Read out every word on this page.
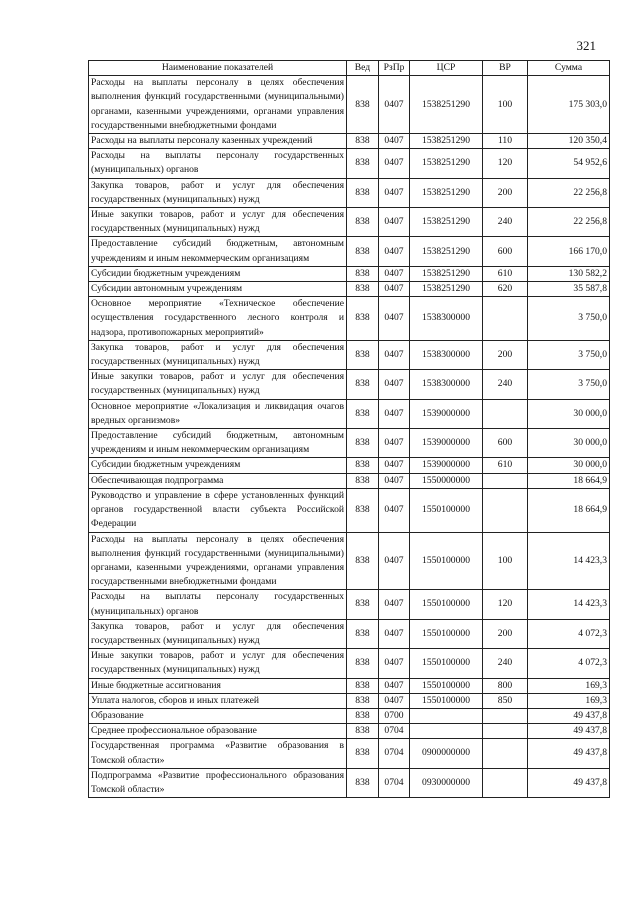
321
Наименование показателей	Вед	РзПр	ЦСР	ВР	Сумма
Расходы на выплаты персоналу в целях обеспечения выполнения функций государственными (муниципальными) органами, казенными учреждениями, органами управления государственными внебюджетными фондами	838	0407	1538251290	100	175 303,0
Расходы на выплаты персоналу казенных учреждений	838	0407	1538251290	110	120 350,4
Расходы на выплаты персоналу государственных (муниципальных) органов	838	0407	1538251290	120	54 952,6
Закупка товаров, работ и услуг для обеспечения государственных (муниципальных) нужд	838	0407	1538251290	200	22 256,8
Иные закупки товаров, работ и услуг для обеспечения государственных (муниципальных) нужд	838	0407	1538251290	240	22 256,8
Предоставление субсидий бюджетным, автономным учреждениям и иным некоммерческим организациям	838	0407	1538251290	600	166 170,0
Субсидии бюджетным учреждениям	838	0407	1538251290	610	130 582,2
Субсидии автономным учреждениям	838	0407	1538251290	620	35 587,8
Основное мероприятие «Техническое обеспечение осуществления государственного лесного контроля и надзора, противопожарных мероприятий»	838	0407	1538300000		3 750,0
Закупка товаров, работ и услуг для обеспечения государственных (муниципальных) нужд	838	0407	1538300000	200	3 750,0
Иные закупки товаров, работ и услуг для обеспечения государственных (муниципальных) нужд	838	0407	1538300000	240	3 750,0
Основное мероприятие «Локализация и ликвидация очагов вредных организмов»	838	0407	1539000000		30 000,0
Предоставление субсидий бюджетным, автономным учреждениям и иным некоммерческим организациям	838	0407	1539000000	600	30 000,0
Субсидии бюджетным учреждениям	838	0407	1539000000	610	30 000,0
Обеспечивающая подпрограмма	838	0407	1550000000		18 664,9
Руководство и управление в сфере установленных функций органов государственной власти субъекта Российской Федерации	838	0407	1550100000		18 664,9
Расходы на выплаты персоналу в целях обеспечения выполнения функций государственными (муниципальными) органами, казенными учреждениями, органами управления государственными внебюджетными фондами	838	0407	1550100000	100	14 423,3
Расходы на выплаты персоналу государственных (муниципальных) органов	838	0407	1550100000	120	14 423,3
Закупка товаров, работ и услуг для обеспечения государственных (муниципальных) нужд	838	0407	1550100000	200	4 072,3
Иные закупки товаров, работ и услуг для обеспечения государственных (муниципальных) нужд	838	0407	1550100000	240	4 072,3
Иные бюджетные ассигнования	838	0407	1550100000	800	169,3
Уплата налогов, сборов и иных платежей	838	0407	1550100000	850	169,3
Образование	838	0700			49 437,8
Среднее профессиональное образование	838	0704			49 437,8
Государственная программа «Развитие образования в Томской области»	838	0704	0900000000		49 437,8
Подпрограмма «Развитие профессионального образования Томской области»	838	0704	0930000000		49 437,8
